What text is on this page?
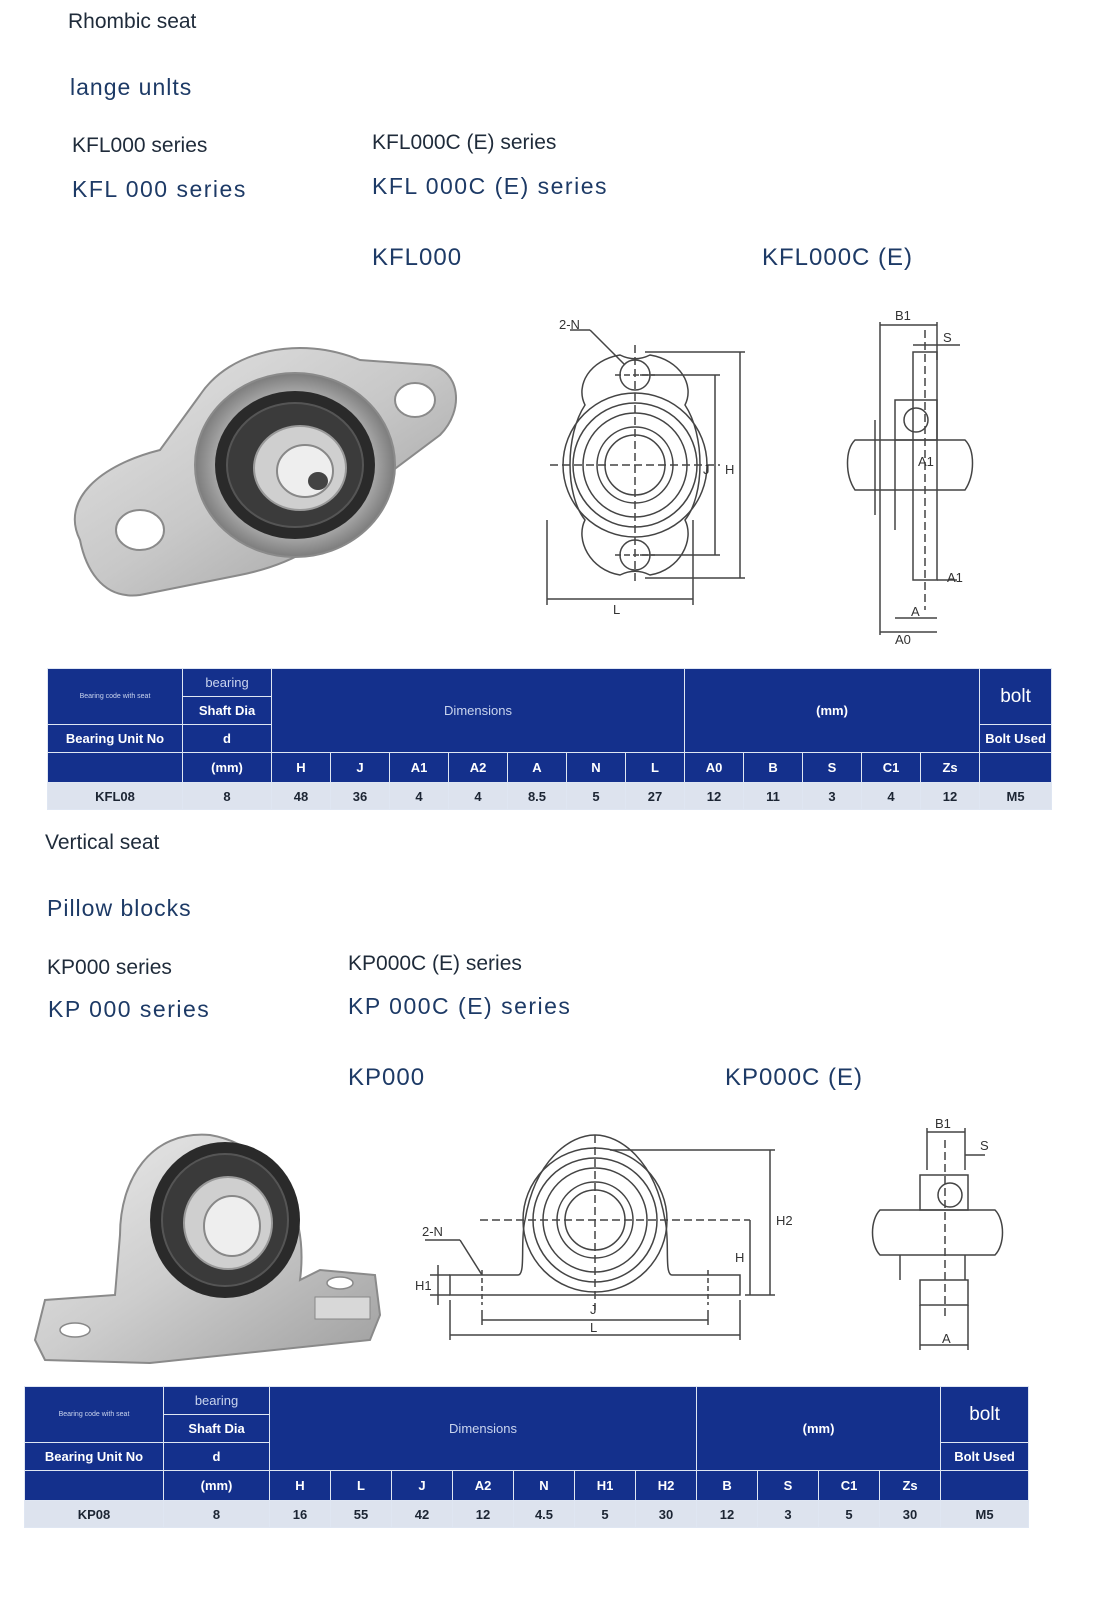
Rhombic seat
lange unlts
KFL000 series
KFL 000 series
KFL000C (E) series
KFL 000C (E) series
KFL000	KFL000C (E)
2-N
J H
L
B1
S
A1
A1
A
A0
Bearing code with seat	bearing	Dimensions							(mm)					bolt
	Shaft Dia													
Bearing Unit No	d													Bolt Used
	(mm)	H	J	A1	A2	A	N	L	A0	B	S	C1	Zs	
KFL08	8	48	36	4	4	8.5	5	27	12	11	3	4	12	M5
Vertical seat
Pillow blocks
KP000 series
KP 000 series
KP000C (E) series
KP 000C (E) series
KP000	KP000C (E)
2-N
H2
H
H1
J
L
B1
S
A
Bearing code with seat	bearing	Dimensions							(mm)				bolt
	Shaft Dia												
Bearing Unit No	d												Bolt Used
	(mm)	H	L	J	A2	N	H1	H2	B	S	C1	Zs	
KP08	8	16	55	42	12	4.5	5	30	12	3	5	30	M5
